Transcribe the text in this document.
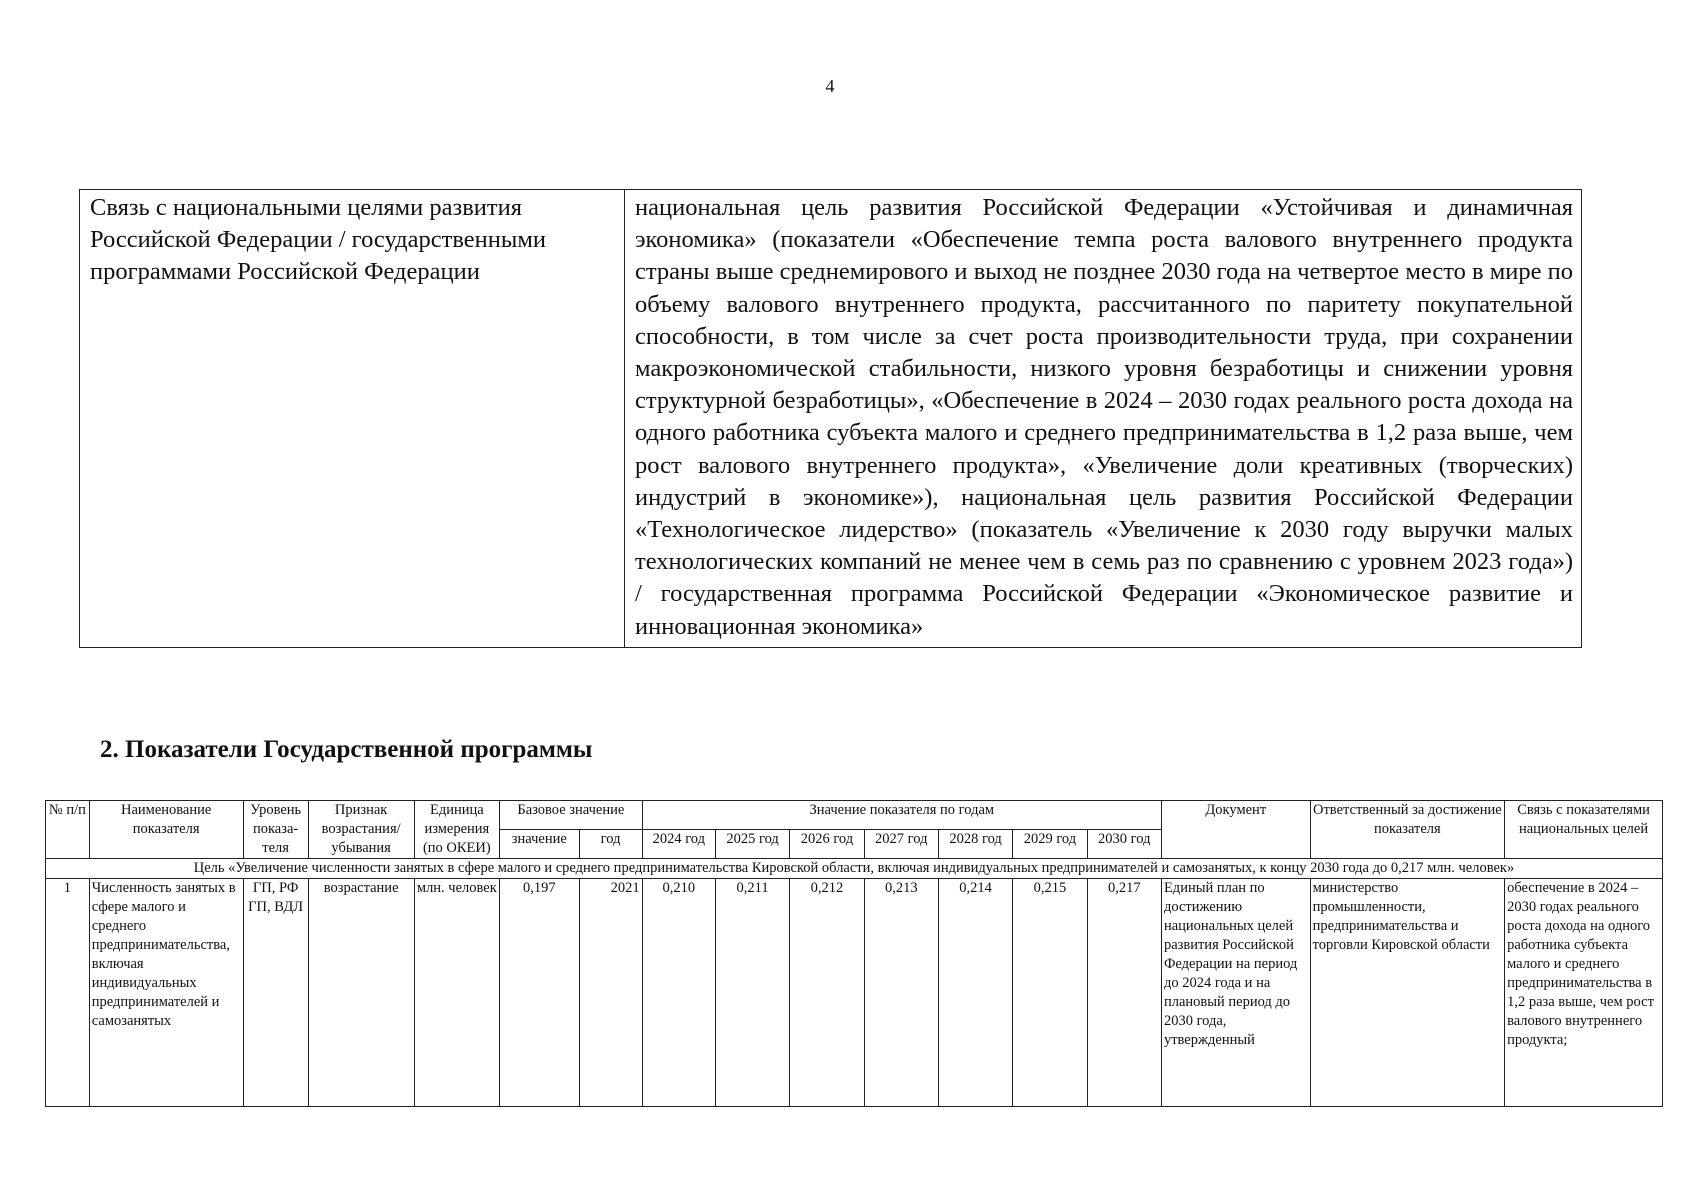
4
Связь с национальными целями развития Российской Федерации / государственными программами Российской Федерации	национальная цель развития Российской Федерации «Устойчивая и динамичная экономика» (показатели «Обеспечение темпа роста валового внутреннего продукта страны выше среднемирового и выход не позднее 2030 года на четвертое место в мире по объему валового внутреннего продукта, рассчитанного по паритету покупательной способности, в том числе за счет роста производительности труда, при сохранении макроэкономической стабильности, низкого уровня безработицы и снижении уровня структурной безработицы», «Обеспечение в 2024 – 2030 годах реального роста дохода на одного работника субъекта малого и среднего предпринимательства в 1,2 раза выше, чем рост валового внутреннего продукта», «Увеличение доли креативных (творческих) индустрий в экономике»), национальная цель развития Российской Федерации «Технологическое лидерство» (показатель «Увеличение к 2030 году выручки малых технологических компаний не менее чем в семь раз по сравнению с уровнем 2023 года») / государственная программа Российской Федерации «Экономическое развитие и инновационная экономика»
2. Показатели Государственной программы
№ п/п	Наименование показателя	Уровень показа-теля	Признак возрастания/ убывания	Единица измерения (по ОКЕИ)	Базовое значение		Значение показателя по годам							Документ	Ответственный за достижение показателя	Связь с показателями национальных целей
					значение	год	2024 год	2025 год	2026 год	2027 год	2028 год	2029 год	2030 год			
Цель «Увеличение численности занятых в сфере малого и среднего предпринимательства Кировской области, включая индивидуальных предпринимателей и самозанятых, к концу 2030 года до 0,217 млн. человек»																
1	Численность занятых в сфере малого и среднего предпринимательства, включая индивидуальных предпринимателей и самозанятых	ГП, РФ ГП, ВДЛ	возрастание	млн. человек	0,197	2021	0,210	0,211	0,212	0,213	0,214	0,215	0,217	Единый план по достижению национальных целей развития Российской Федерации на период до 2024 года и на плановый период до 2030 года, утвержденный	министерство промышленности, предпринимательства и торговли Кировской области	обеспечение в 2024 – 2030 годах реального роста дохода на одного работника субъекта малого и среднего предпринимательства в 1,2 раза выше, чем рост валового внутреннего продукта;
